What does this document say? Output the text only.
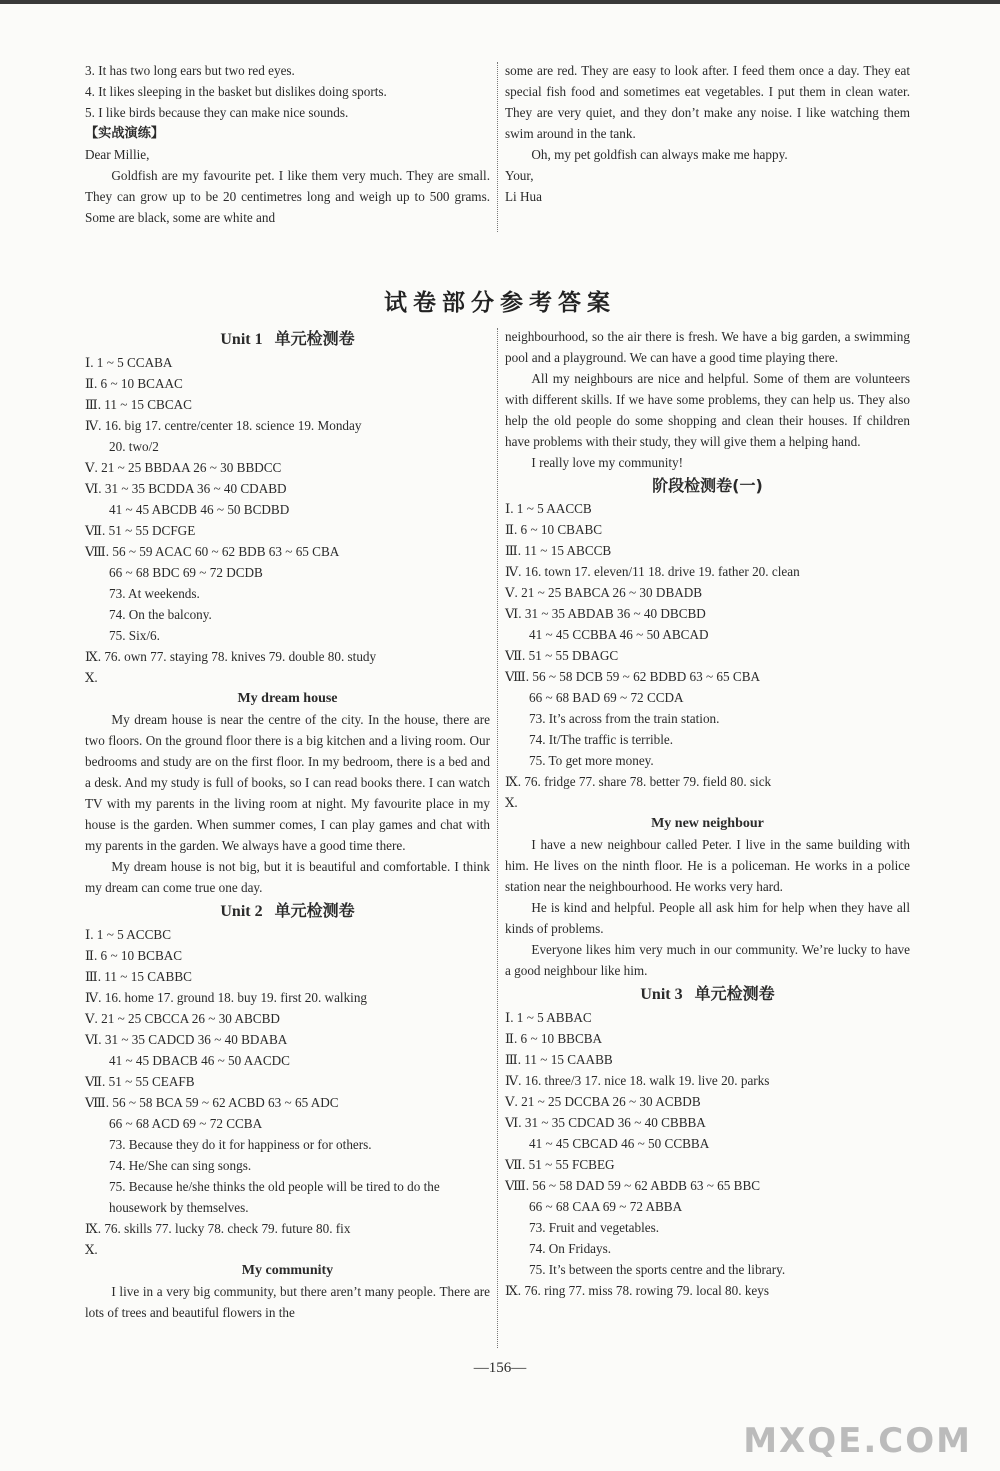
3. It has two long ears but two red eyes.

4. It likes sleeping in the basket but dislikes doing sports.

5. I like birds because they can make nice sounds.

【实战演练】

Dear Millie,

Goldfish are my favourite pet. I like them very much. They are small. They can grow up to be 20 centimetres long and weigh up to 500 grams. Some are black, some are white and

some are red. They are easy to look after. I feed them once a day. They eat special fish food and sometimes eat vegetables. I put them in clean water. They are very quiet, and they don’t make any noise. I like watching them swim around in the tank.

Oh, my pet goldfish can always make me happy.

Your,

Li Hua

试卷部分参考答案
Unit 1 单元检测卷

Ⅰ. 1 ~ 5 CCABA

Ⅱ. 6 ~ 10 BCAAC

Ⅲ. 11 ~ 15 CBCAC

Ⅳ. 16. big 17. centre/center 18. science 19. Monday

20. two/2

Ⅴ. 21 ~ 25 BBDAA 26 ~ 30 BBDCC

Ⅵ. 31 ~ 35 BCDDA 36 ~ 40 CDABD

41 ~ 45 ABCDB 46 ~ 50 BCDBD

Ⅶ. 51 ~ 55 DCFGE

Ⅷ. 56 ~ 59 ACAC 60 ~ 62 BDB 63 ~ 65 CBA

66 ~ 68 BDC 69 ~ 72 DCDB

73. At weekends.

74. On the balcony.

75. Six/6.

Ⅸ. 76. own 77. staying 78. knives 79. double 80. study

Ⅹ.

My dream house

My dream house is near the centre of the city. In the house, there are two floors. On the ground floor there is a big kitchen and a living room. Our bedrooms and study are on the first floor. In my bedroom, there is a bed and a desk. And my study is full of books, so I can read books there. I can watch TV with my parents in the living room at night. My favourite place in my house is the garden. When summer comes, I can play games and chat with my parents in the garden. We always have a good time there.

My dream house is not big, but it is beautiful and comfortable. I think my dream can come true one day.

Unit 2 单元检测卷

Ⅰ. 1 ~ 5 ACCBC

Ⅱ. 6 ~ 10 BCBAC

Ⅲ. 11 ~ 15 CABBC

Ⅳ. 16. home 17. ground 18. buy 19. first 20. walking

Ⅴ. 21 ~ 25 CBCCA 26 ~ 30 ABCBD

Ⅵ. 31 ~ 35 CADCD 36 ~ 40 BDABA

41 ~ 45 DBACB 46 ~ 50 AACDC

Ⅶ. 51 ~ 55 CEAFB

Ⅷ. 56 ~ 58 BCA 59 ~ 62 ACBD 63 ~ 65 ADC

66 ~ 68 ACD 69 ~ 72 CCBA

73. Because they do it for happiness or for others.

74. He/She can sing songs.

75. Because he/she thinks the old people will be tired to do the housework by themselves.

Ⅸ. 76. skills 77. lucky 78. check 79. future 80. fix

Ⅹ.

My community

I live in a very big community, but there aren’t many people. There are lots of trees and beautiful flowers in the

neighbourhood, so the air there is fresh. We have a big garden, a swimming pool and a playground. We can have a good time playing there.

All my neighbours are nice and helpful. Some of them are volunteers with different skills. If we have some problems, they can help us. They also help the old people do some shopping and clean their houses. If children have problems with their study, they will give them a helping hand.

I really love my community!

阶段检测卷(一)

Ⅰ. 1 ~ 5 AACCB

Ⅱ. 6 ~ 10 CBABC

Ⅲ. 11 ~ 15 ABCCB

Ⅳ. 16. town 17. eleven/11 18. drive 19. father 20. clean

Ⅴ. 21 ~ 25 BABCA 26 ~ 30 DBADB

Ⅵ. 31 ~ 35 ABDAB 36 ~ 40 DBCBD

41 ~ 45 CCBBA 46 ~ 50 ABCAD

Ⅶ. 51 ~ 55 DBAGC

Ⅷ. 56 ~ 58 DCB 59 ~ 62 BDBD 63 ~ 65 CBA

66 ~ 68 BAD 69 ~ 72 CCDA

73. It’s across from the train station.

74. It/The traffic is terrible.

75. To get more money.

Ⅸ. 76. fridge 77. share 78. better 79. field 80. sick

Ⅹ.

My new neighbour

I have a new neighbour called Peter. I live in the same building with him. He lives on the ninth floor. He is a policeman. He works in a police station near the neighbourhood. He works very hard.

He is kind and helpful. People all ask him for help when they have all kinds of problems.

Everyone likes him very much in our community. We’re lucky to have a good neighbour like him.

Unit 3 单元检测卷

Ⅰ. 1 ~ 5 ABBAC

Ⅱ. 6 ~ 10 BBCBA

Ⅲ. 11 ~ 15 CAABB

Ⅳ. 16. three/3 17. nice 18. walk 19. live 20. parks

Ⅴ. 21 ~ 25 DCCBA 26 ~ 30 ACBDB

Ⅵ. 31 ~ 35 CDCAD 36 ~ 40 CBBBA

41 ~ 45 CBCAD 46 ~ 50 CCBBA

Ⅶ. 51 ~ 55 FCBEG

Ⅷ. 56 ~ 58 DAD 59 ~ 62 ABDB 63 ~ 65 BBC

66 ~ 68 CAA 69 ~ 72 ABBA

73. Fruit and vegetables.

74. On Fridays.

75. It’s between the sports centre and the library.

Ⅸ. 76. ring 77. miss 78. rowing 79. local 80. keys

—156—
MXQE.COM
